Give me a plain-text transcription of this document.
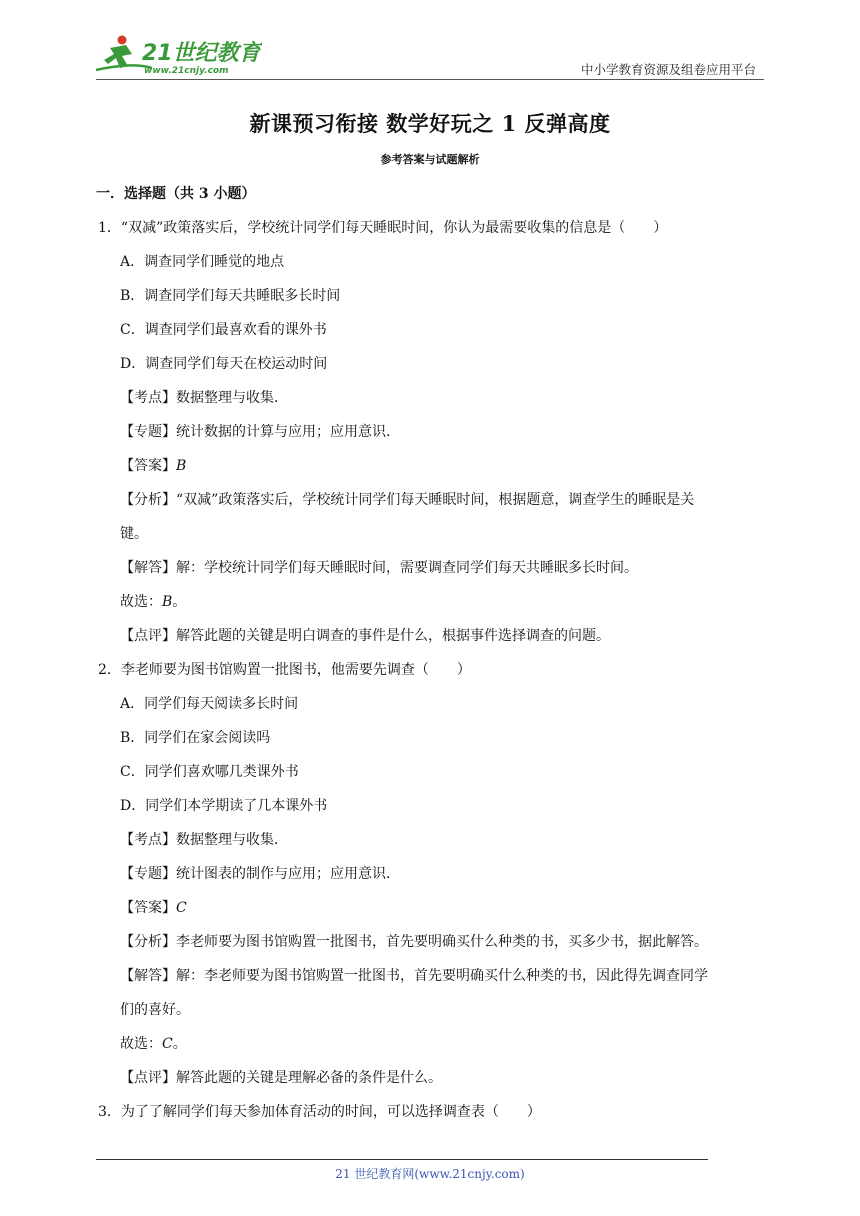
21世纪教育
www.21cnjy.com	中小学教育资源及组卷应用平台
新课预习衔接 数学好玩之 1 反弹高度
参考答案与试题解析
一．选择题（共 3 小题）
1．“双减”政策落实后，学校统计同学们每天睡眠时间，你认为最需要收集的信息是（　　）
A．调查同学们睡觉的地点
B．调查同学们每天共睡眠多长时间
C．调查同学们最喜欢看的课外书
D．调查同学们每天在校运动时间
【考点】数据整理与收集．
【专题】统计数据的计算与应用；应用意识．
【答案】B
【分析】“双减”政策落实后，学校统计同学们每天睡眠时间，根据题意，调查学生的睡眠是关
键。
【解答】解：学校统计同学们每天睡眠时间，需要调查同学们每天共睡眠多长时间。
故选：B。
【点评】解答此题的关键是明白调查的事件是什么，根据事件选择调查的问题。
2．李老师要为图书馆购置一批图书，他需要先调查（　　）
A．同学们每天阅读多长时间
B．同学们在家会阅读吗
C．同学们喜欢哪几类课外书
D．同学们本学期读了几本课外书
【考点】数据整理与收集．
【专题】统计图表的制作与应用；应用意识．
【答案】C
【分析】李老师要为图书馆购置一批图书，首先要明确买什么种类的书，买多少书，据此解答。
【解答】解：李老师要为图书馆购置一批图书，首先要明确买什么种类的书，因此得先调查同学
们的喜好。
故选：C。
【点评】解答此题的关键是理解必备的条件是什么。
3．为了了解同学们每天参加体育活动的时间，可以选择调查表（　　）
21 世纪教育网(www.21cnjy.com)
